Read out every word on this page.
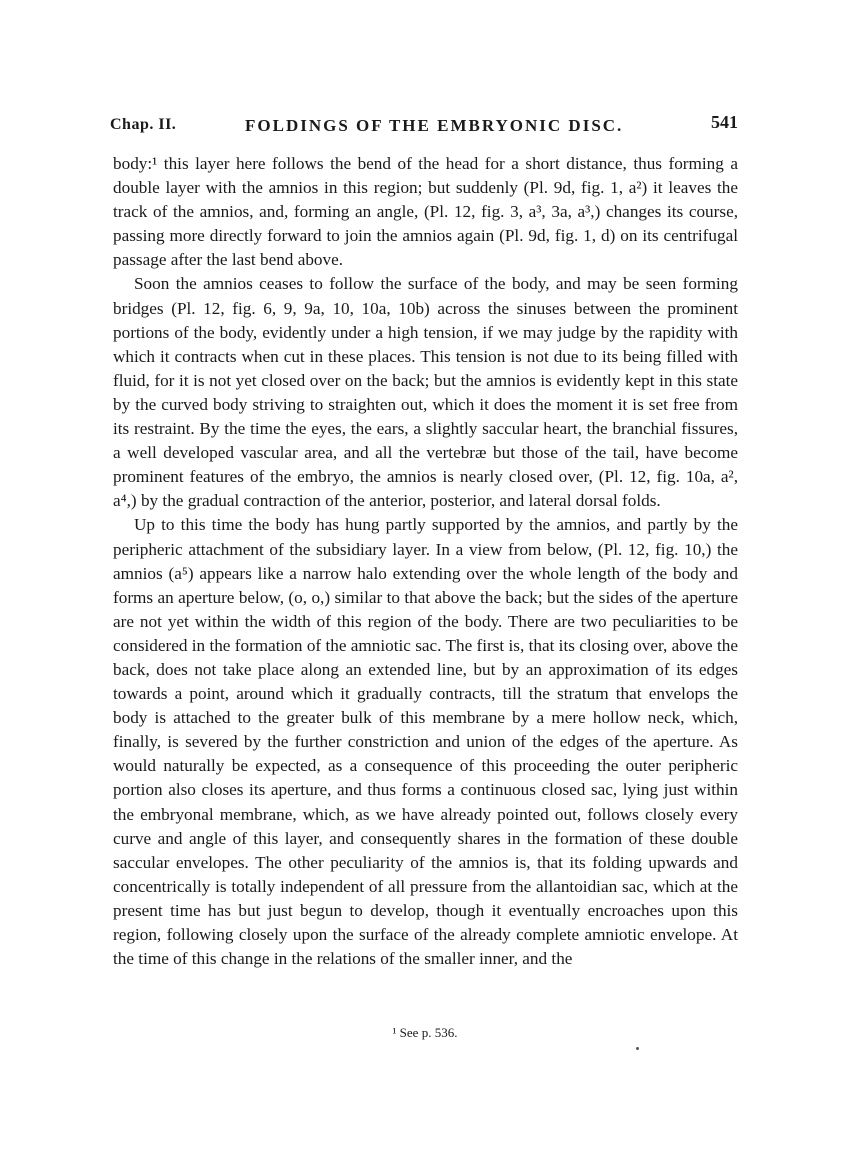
Chap. II.	FOLDINGS OF THE EMBRYONIC DISC.	541

body:¹ this layer here follows the bend of the head for a short distance, thus forming a double layer with the amnios in this region; but suddenly (Pl. 9d, fig. 1, a²) it leaves the track of the amnios, and, forming an angle, (Pl. 12, fig. 3, a³, 3a, a³,) changes its course, passing more directly forward to join the amnios again (Pl. 9d, fig. 1, d) on its centrifugal passage after the last bend above.

Soon the amnios ceases to follow the surface of the body, and may be seen forming bridges (Pl. 12, fig. 6, 9, 9a, 10, 10a, 10b) across the sinuses between the prominent portions of the body, evidently under a high tension, if we may judge by the rapidity with which it contracts when cut in these places. This tension is not due to its being filled with fluid, for it is not yet closed over on the back; but the amnios is evidently kept in this state by the curved body striving to straighten out, which it does the moment it is set free from its restraint. By the time the eyes, the ears, a slightly saccular heart, the branchial fissures, a well developed vascular area, and all the vertebræ but those of the tail, have become prominent features of the embryo, the amnios is nearly closed over, (Pl. 12, fig. 10a, a², a⁴,) by the gradual contraction of the anterior, posterior, and lateral dorsal folds.

Up to this time the body has hung partly supported by the amnios, and partly by the peripheric attachment of the subsidiary layer. In a view from below, (Pl. 12, fig. 10,) the amnios (a⁵) appears like a narrow halo extending over the whole length of the body and forms an aperture below, (o, o,) similar to that above the back; but the sides of the aperture are not yet within the width of this region of the body. There are two peculiarities to be considered in the formation of the amniotic sac. The first is, that its closing over, above the back, does not take place along an extended line, but by an approximation of its edges towards a point, around which it gradually contracts, till the stratum that envelops the body is attached to the greater bulk of this membrane by a mere hollow neck, which, finally, is severed by the further constriction and union of the edges of the aperture. As would naturally be expected, as a consequence of this proceeding the outer peripheric portion also closes its aperture, and thus forms a continuous closed sac, lying just within the embryonal membrane, which, as we have already pointed out, follows closely every curve and angle of this layer, and consequently shares in the formation of these double saccular envelopes. The other peculiarity of the amnios is, that its folding upwards and concentrically is totally independent of all pressure from the allantoidian sac, which at the present time has but just begun to develop, though it eventually encroaches upon this region, following closely upon the surface of the already complete amniotic envelope. At the time of this change in the relations of the smaller inner, and the

¹ See p. 536.
